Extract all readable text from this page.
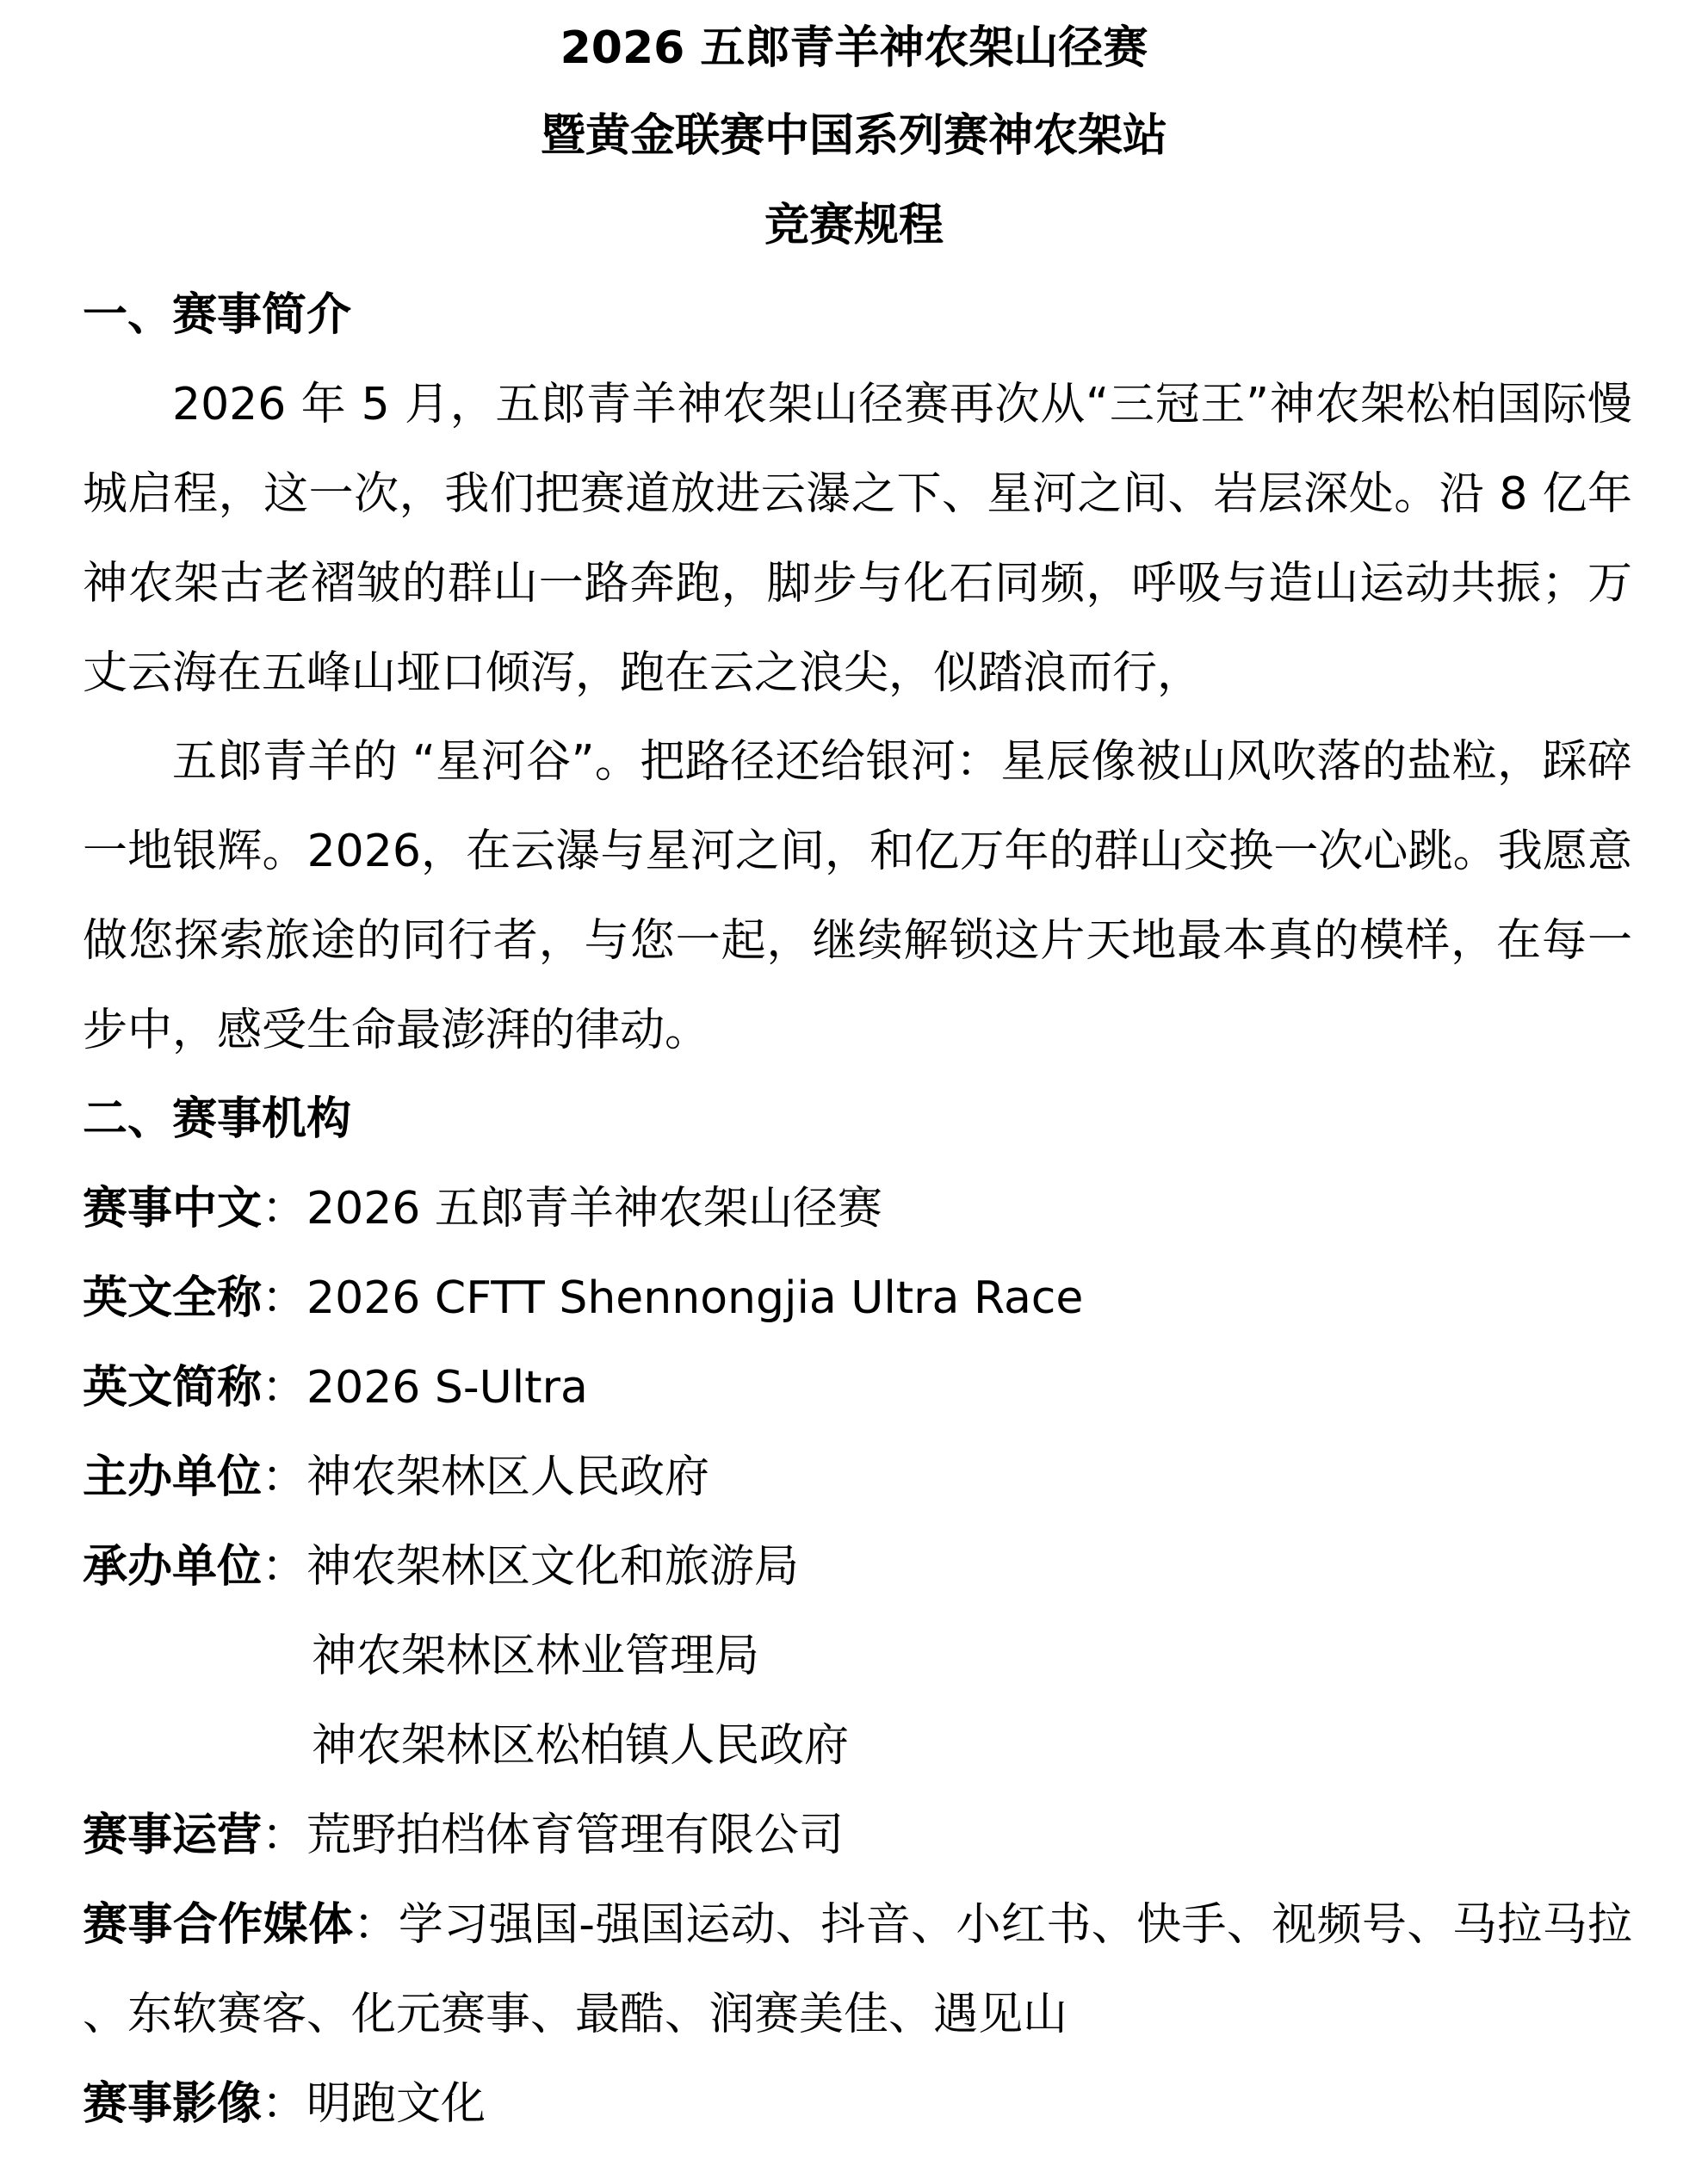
2026 五郎青羊神农架山径赛
暨黄金联赛中国系列赛神农架站
竞赛规程
一、赛事简介

2026 年 5 月，五郎青羊神农架山径赛再次从“三冠王”神农架松柏国际慢城启程，这一次，我们把赛道放进云瀑之下、星河之间、岩层深处。沿 8 亿年神农架古老褶皱的群山一路奔跑，脚步与化石同频，呼吸与造山运动共振；万丈云海在五峰山垭口倾泻，跑在云之浪尖，似踏浪而行，

五郎青羊的 “星河谷”。把路径还给银河：星辰像被山风吹落的盐粒，踩碎一地银辉。2026，在云瀑与星河之间，和亿万年的群山交换一次心跳。我愿意做您探索旅途的同行者，与您一起，继续解锁这片天地最本真的模样，在每一步中，感受生命最澎湃的律动。

二、赛事机构
赛事中文：2026 五郎青羊神农架山径赛
英文全称：2026 CFTT Shennongjia Ultra Race
英文简称：2026 S-Ultra
主办单位：神农架林区人民政府
承办单位：神农架林区文化和旅游局
神农架林区林业管理局
神农架林区松柏镇人民政府
赛事运营：荒野拍档体育管理有限公司

赛事合作媒体：学习强国-强国运动、抖音、小红书、快手、视频号、马拉马拉、东软赛客、化元赛事、最酷、润赛美佳、遇见山

赛事影像：明跑文化
